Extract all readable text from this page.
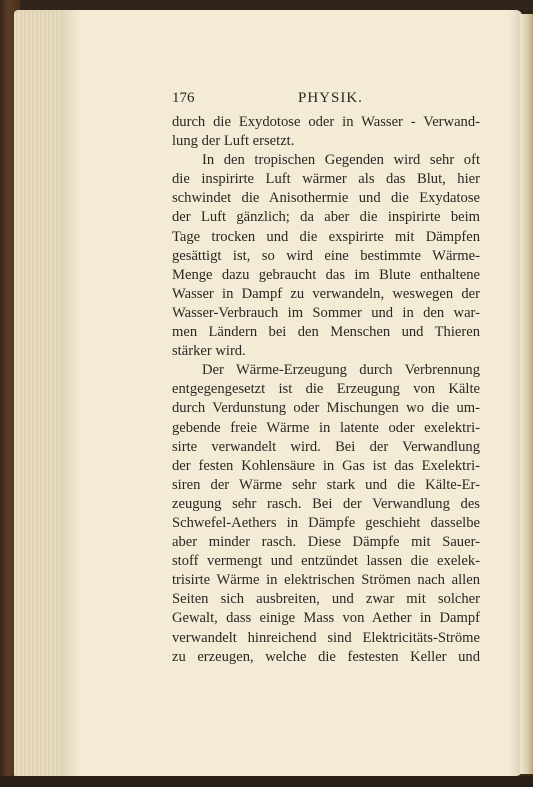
176	PHYSIK.
durch die Exydotose oder in Wasser - Verwand-
lung der Luft ersetzt.
In den tropischen Gegenden wird sehr oft
die inspirirte Luft wärmer als das Blut, hier
schwindet die Anisothermie und die Exydatose
der Luft gänzlich; da aber die inspirirte beim
Tage trocken und die exspirirte mit Dämpfen
gesättigt ist, so wird eine bestimmte Wärme-
Menge dazu gebraucht das im Blute enthaltene
Wasser in Dampf zu verwandeln, weswegen der
Wasser-Verbrauch im Sommer und in den war-
men Ländern bei den Menschen und Thieren
stärker wird.
Der Wärme-Erzeugung durch Verbrennung
entgegengesetzt ist die Erzeugung von Kälte
durch Verdunstung oder Mischungen wo die um-
gebende freie Wärme in latente oder exelektri-
sirte verwandelt wird. Bei der Verwandlung
der festen Kohlensäure in Gas ist das Exelektri-
siren der Wärme sehr stark und die Kälte-Er-
zeugung sehr rasch. Bei der Verwandlung des
Schwefel-Aethers in Dämpfe geschieht dasselbe
aber minder rasch. Diese Dämpfe mit Sauer-
stoff vermengt und entzündet lassen die exelek-
trisirte Wärme in elektrischen Strömen nach allen
Seiten sich ausbreiten, und zwar mit solcher
Gewalt, dass einige Mass von Aether in Dampf
verwandelt hinreichend sind Elektricitäts-Ströme
zu erzeugen, welche die festesten Keller und
